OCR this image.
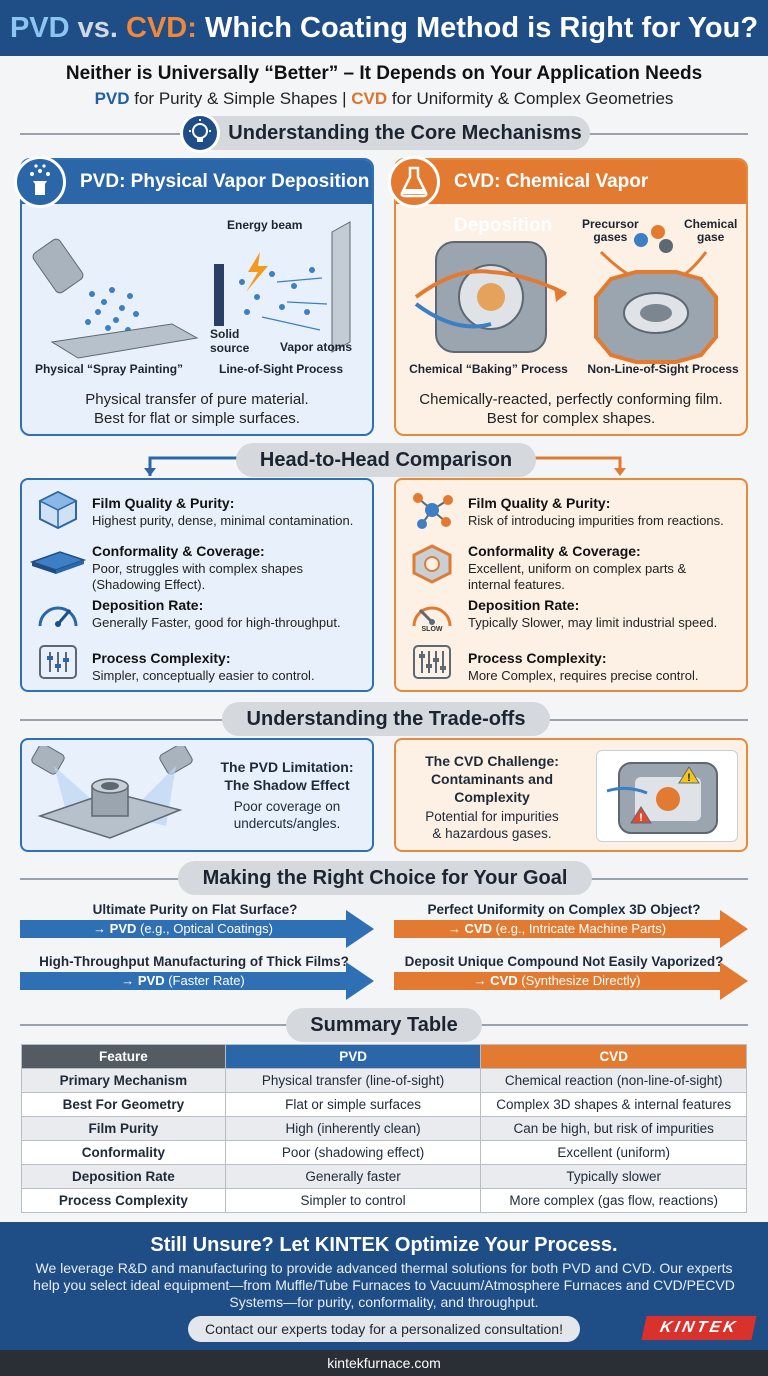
PVD vs. CVD: Which Coating Method is Right for You?
Neither is Universally “Better” – It Depends on Your Application Needs
PVD for Purity & Simple Shapes | CVD for Uniformity & Complex Geometries
Understanding the Core Mechanisms
PVD: Physical Vapor Deposition
Energy beam
Solid
source	Vapor atoms
Physical “Spray Painting”	Line-of-Sight Process
Physical transfer of pure material.
Best for flat or simple surfaces.
CVD: Chemical Vapor Deposition	Precursor
gases
Chemical
gase
Chemical “Baking” Process	Non-Line-of-Sight Process
Chemically-reacted, perfectly conforming film.
Best for complex shapes.
Head-to-Head Comparison
Film Quality & Purity:
Highest purity, dense, minimal contamination.
Conformality & Coverage:
Poor, struggles with complex shapes (Shadowing Effect).
Deposition Rate:
Generally Faster, good for high-throughput.
Process Complexity:
Simpler, conceptually easier to control.
Film Quality & Purity:
Risk of introducing impurities from reactions.
Conformality & Coverage:
Excellent, uniform on complex parts & internal features.
SLOW
Deposition Rate:
Typically Slower, may limit industrial speed.
Process Complexity:
More Complex, requires precise control.
Understanding the Trade-offs
The PVD Limitation:
The Shadow Effect
Poor coverage on
undercuts/angles.
The CVD Challenge:
Contaminants and
Complexity
Potential for impurities
& hazardous gases.
!
!
Making the Right Choice for Your Goal
Ultimate Purity on Flat Surface?
→ PVD (e.g., Optical Coatings)
Perfect Uniformity on Complex 3D Object?
→ CVD (e.g., Intricate Machine Parts)
High-Throughput Manufacturing of Thick Films?
→ PVD (Faster Rate)
Deposit Unique Compound Not Easily Vaporized?
→ CVD (Synthesize Directly)
Summary Table
Feature	PVD	CVD
Primary Mechanism	Physical transfer (line-of-sight)	Chemical reaction (non-line-of-sight)
Best For Geometry	Flat or simple surfaces	Complex 3D shapes & internal features
Film Purity	High (inherently clean)	Can be high, but risk of impurities
Conformality	Poor (shadowing effect)	Excellent (uniform)
Deposition Rate	Generally faster	Typically slower
Process Complexity	Simpler to control	More complex (gas flow, reactions)
Still Unsure? Let KINTEK Optimize Your Process.
We leverage R&D and manufacturing to provide advanced thermal solutions for both PVD and CVD. Our experts help you select ideal equipment—from Muffle/Tube Furnaces to Vacuum/Atmosphere Furnaces and CVD/PECVD Systems—for purity, conformality, and throughput.
Contact our experts today for a personalized consultation!	KINTEK
kintekfurnace.com
